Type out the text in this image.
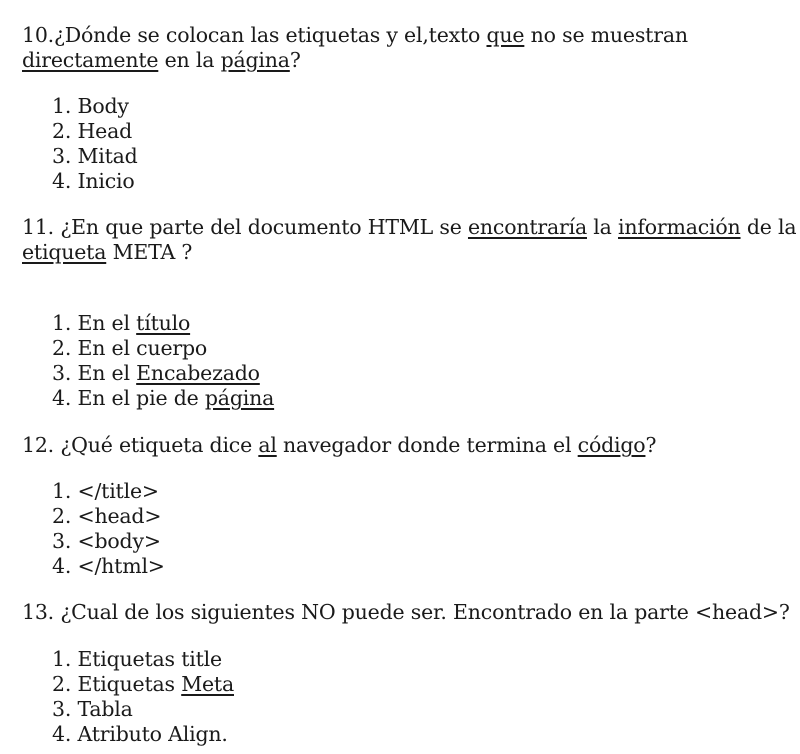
10.¿Dónde se colocan las etiquetas y el,texto que no se muestran
directamente en la página?
1. Body
2. Head
3. Mitad
4. Inicio
11. ¿En que parte del documento HTML se encontraría la información de la
etiqueta META ?
1. En el título
2. En el cuerpo
3. En el Encabezado
4. En el pie de página
12. ¿Qué etiqueta dice al navegador donde termina el código?
1. </title>
2. <head>
3. <body>
4. </html>
13. ¿Cual de los siguientes NO puede ser. Encontrado en la parte <head>?
1. Etiquetas title
2. Etiquetas Meta
3. Tabla
4. Atributo Align.
